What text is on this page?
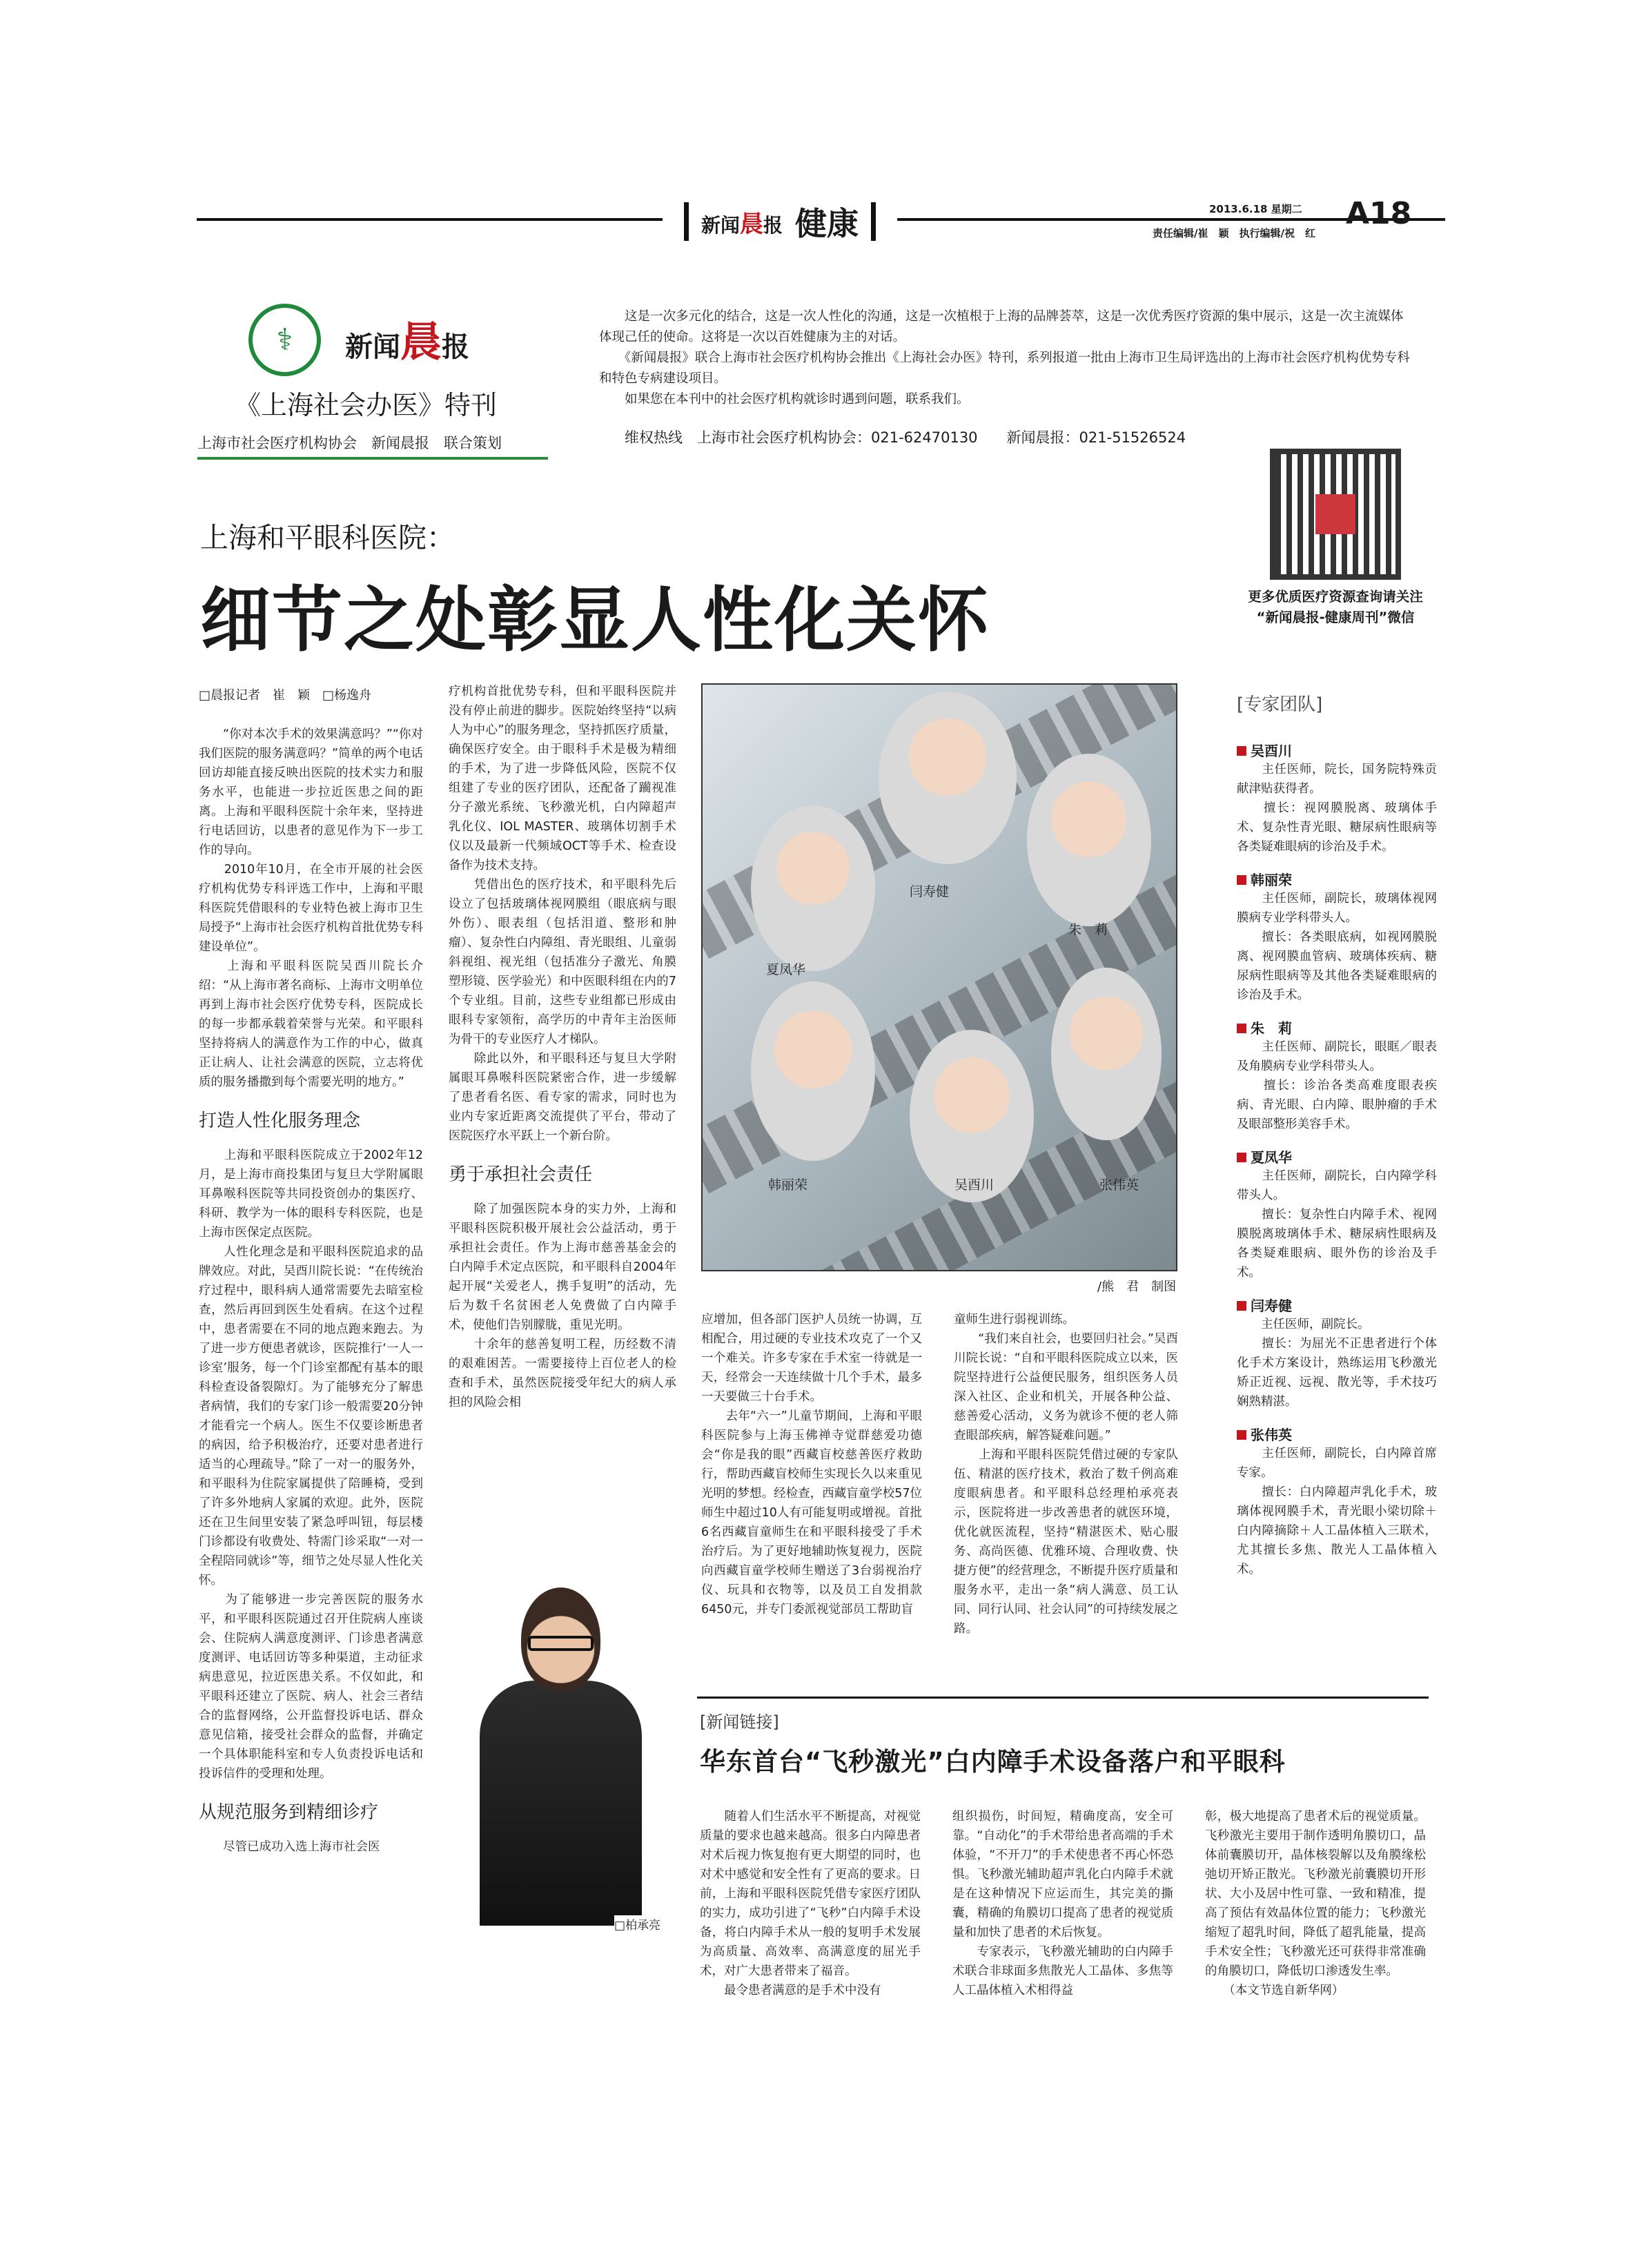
新闻晨报 健康	2013.6.18 星期二 A18
责任编辑/崔　颖　执行编辑/祝　红
⚕	新闻晨报
《上海社会办医》特刊
上海市社会医疗机构协会　新闻晨报　联合策划
　　这是一次多元化的结合，这是一次人性化的沟通，这是一次植根于上海的品牌荟萃，这是一次优秀医疗资源的集中展示，这是一次主流媒体体现己任的使命。这将是一次以百姓健康为主的对话。
　　《新闻晨报》联合上海市社会医疗机构协会推出《上海社会办医》特刊，系列报道一批由上海市卫生局评选出的上海市社会医疗机构优势专科和特色专病建设项目。
　　如果您在本刊中的社会医疗机构就诊时遇到问题，联系我们。
维权热线　上海市社会医疗机构协会：021-62470130　　新闻晨报：021-51526524
更多优质医疗资源查询请关注
“新闻晨报-健康周刊”微信
上海和平眼科医院：
细节之处彰显人性化关怀
□晨报记者　崔　颖　□杨逸舟
　　“你对本次手术的效果满意吗？”“你对我们医院的服务满意吗？”简单的两个电话回访却能直接反映出医院的技术实力和服务水平，也能进一步拉近医患之间的距离。上海和平眼科医院十余年来，坚持进行电话回访，以患者的意见作为下一步工作的导向。
　　2010年10月，在全市开展的社会医疗机构优势专科评选工作中，上海和平眼科医院凭借眼科的专业特色被上海市卫生局授予“上海市社会医疗机构首批优势专科建设单位”。
　　上海和平眼科医院吴酉川院长介绍：“从上海市著名商标、上海市文明单位再到上海市社会医疗优势专科，医院成长的每一步都承载着荣誉与光荣。和平眼科坚持将病人的满意作为工作的中心，做真正让病人、让社会满意的医院，立志将优质的服务播撒到每个需要光明的地方。”
打造人性化服务理念
　　上海和平眼科医院成立于2002年12月，是上海市商投集团与复旦大学附属眼耳鼻喉科医院等共同投资创办的集医疗、科研、教学为一体的眼科专科医院，也是上海市医保定点医院。
　　人性化理念是和平眼科医院追求的品牌效应。对此，吴酉川院长说：“在传统治疗过程中，眼科病人通常需要先去暗室检查，然后再回到医生处看病。在这个过程中，患者需要在不同的地点跑来跑去。为了进一步方便患者就诊，医院推行‘一人一诊室’服务，每一个门诊室都配有基本的眼科检查设备裂隙灯。为了能够充分了解患者病情，我们的专家门诊一般需要20分钟才能看完一个病人。医生不仅要诊断患者的病因，给予积极治疗，还要对患者进行适当的心理疏导。”除了一对一的服务外，和平眼科为住院家属提供了陪睡椅，受到了许多外地病人家属的欢迎。此外，医院还在卫生间里安装了紧急呼叫钮，每层楼门诊都设有收费处、特需门诊采取“一对一全程陪同就诊”等，细节之处尽显人性化关怀。
　　为了能够进一步完善医院的服务水平，和平眼科医院通过召开住院病人座谈会、住院病人满意度测评、门诊患者满意度测评、电话回访等多种渠道，主动征求病患意见，拉近医患关系。不仅如此，和平眼科还建立了医院、病人、社会三者结合的监督网络，公开监督投诉电话、群众意见信箱，接受社会群众的监督，并确定一个具体职能科室和专人负责投诉电话和投诉信件的受理和处理。
从规范服务到精细诊疗
　　尽管已成功入选上海市社会医
疗机构首批优势专科，但和平眼科医院并没有停止前进的脚步。医院始终坚持“以病人为中心”的服务理念，坚持抓医疗质量，确保医疗安全。由于眼科手术是极为精细的手术，为了进一步降低风险，医院不仅组建了专业的医疗团队，还配备了躏视准分子激光系统、飞秒激光机，白内障超声乳化仪、IOL MASTER、玻璃体切割手术仪以及最新一代频域OCT等手术、检查设备作为技术支持。
　　凭借出色的医疗技术，和平眼科先后设立了包括玻璃体视网膜组（眼底病与眼外伤）、眼表组（包括泪道、整形和肿瘤）、复杂性白内障组、青光眼组、儿童弱斜视组、视光组（包括准分子激光、角膜塑形镜、医学验光）和中医眼科组在内的7个专业组。目前，这些专业组都已形成由眼科专家领衔，高学历的中青年主治医师为骨干的专业医疗人才梯队。
　　除此以外，和平眼科还与复旦大学附属眼耳鼻喉科医院紧密合作，进一步缓解了患者看名医、看专家的需求，同时也为业内专家近距离交流提供了平台，带动了医院医疗水平跃上一个新台阶。
勇于承担社会责任
　　除了加强医院本身的实力外，上海和平眼科医院积极开展社会公益活动，勇于承担社会责任。作为上海市慈善基金会的白内障手术定点医院，和平眼科自2004年起开展“关爱老人，携手复明”的活动，先后为数千名贫困老人免费做了白内障手术，使他们告别朦胧，重见光明。
　　十余年的慈善复明工程，历经数不清的艰难困苦。一需要接待上百位老人的检查和手术，虽然医院接受年纪大的病人承担的风险会相
应增加，但各部门医护人员统一协调，互相配合，用过硬的专业技术攻克了一个又一个难关。许多专家在手术室一待就是一天，经常会一天连续做十几个手术，最多一天要做三十台手术。
　　去年“六一”儿童节期间，上海和平眼科医院参与上海玉佛禅寺觉群慈爱功德会“你是我的眼”西藏盲校慈善医疗救助行，帮助西藏盲校师生实现长久以来重见光明的梦想。经检查，西藏盲童学校57位师生中超过10人有可能复明或增视。首批6名西藏盲童师生在和平眼科接受了手术治疗后。为了更好地辅助恢复视力，医院向西藏盲童学校师生赠送了3台弱视治疗仪、玩具和衣物等，以及员工自发捐款6450元，并专门委派视觉部员工帮助盲
童师生进行弱视训练。
　　“我们来自社会，也要回归社会。”吴酉川院长说：“自和平眼科医院成立以来，医院坚持进行公益便民服务，组织医务人员深入社区、企业和机关，开展各种公益、慈善爱心活动，义务为就诊不便的老人筛查眼部疾病，解答疑难问题。”
　　上海和平眼科医院凭借过硬的专家队伍、精湛的医疗技术，救治了数千例高难度眼病患者。和平眼科总经理柏承亮表示，医院将进一步改善患者的就医环境，优化就医流程，坚持“精湛医术、贴心服务、高尚医德、优雅环境、合理收费、快捷方便”的经营理念，不断提升医疗质量和服务水平，走出一条“病人满意、员工认同、同行认同、社会认同”的可持续发展之路。
闫寿健
朱　莉
夏凤华
韩丽荣	吴酉川	张伟英
/熊　君　制图
□柏承亮
[专家团队]
吴酉川
　　主任医师，院长，国务院特殊贡献津贴获得者。
　　擅长：视网膜脱离、玻璃体手术、复杂性青光眼、糖尿病性眼病等各类疑难眼病的诊治及手术。
韩丽荣
　　主任医师，副院长，玻璃体视网膜病专业学科带头人。
　　擅长：各类眼底病，如视网膜脱离、视网膜血管病、玻璃体疾病、糖尿病性眼病等及其他各类疑难眼病的诊治及手术。
朱　莉
　　主任医师、副院长，眼眶／眼表及角膜病专业学科带头人。
　　擅长：诊治各类高难度眼表疾病、青光眼、白内障、眼肿瘤的手术及眼部整形美容手术。
夏凤华
　　主任医师，副院长，白内障学科带头人。
　　擅长：复杂性白内障手术、视网膜脱离玻璃体手术、糖尿病性眼病及各类疑难眼病、眼外伤的诊治及手术。
闫寿健
　　主任医师，副院长。
　　擅长：为屈光不正患者进行个体化手术方案设计，熟练运用飞秒激光矫正近视、远视、散光等，手术技巧娴熟精湛。
张伟英
　　主任医师，副院长，白内障首席专家。
　　擅长：白内障超声乳化手术，玻璃体视网膜手术，青光眼小梁切除＋白内障摘除＋人工晶体植入三联术，尤其擅长多焦、散光人工晶体植入术。
[新闻链接]
华东首台“飞秒激光”白内障手术设备落户和平眼科
　　随着人们生活水平不断提高，对视觉质量的要求也越来越高。很多白内障患者对术后视力恢复抱有更大期望的同时，也对术中感觉和安全性有了更高的要求。日前，上海和平眼科医院凭借专家医疗团队的实力，成功引进了“飞秒”白内障手术设备，将白内障手术从一般的复明手术发展为高质量、高效率、高满意度的屈光手术，对广大患者带来了福音。
　　最令患者满意的是手术中没有
组织损伤，时间短，精确度高，安全可靠。“自动化”的手术带给患者高端的手术体验，“不开刀”的手术使患者不再心怀恐惧。飞秒激光辅助超声乳化白内障手术就是在这种情况下应运而生，其完美的撕囊，精确的角膜切口提高了患者的视觉质量和加快了患者的术后恢复。
　　专家表示，飞秒激光辅助的白内障手术联合非球面多焦散光人工晶体、多焦等人工晶体植入术相得益
彰，极大地提高了患者术后的视觉质量。飞秒激光主要用于制作透明角膜切口，晶体前囊膜切开，晶体核裂解以及角膜缘松弛切开矫正散光。飞秒激光前囊膜切开形状、大小及居中性可靠、一致和精准，提高了预估有效晶体位置的能力；飞秒激光缩短了超乳时间，降低了超乳能量，提高手术安全性；飞秒激光还可获得非常准确的角膜切口，降低切口渗透发生率。
　　（本文节选自新华网）
